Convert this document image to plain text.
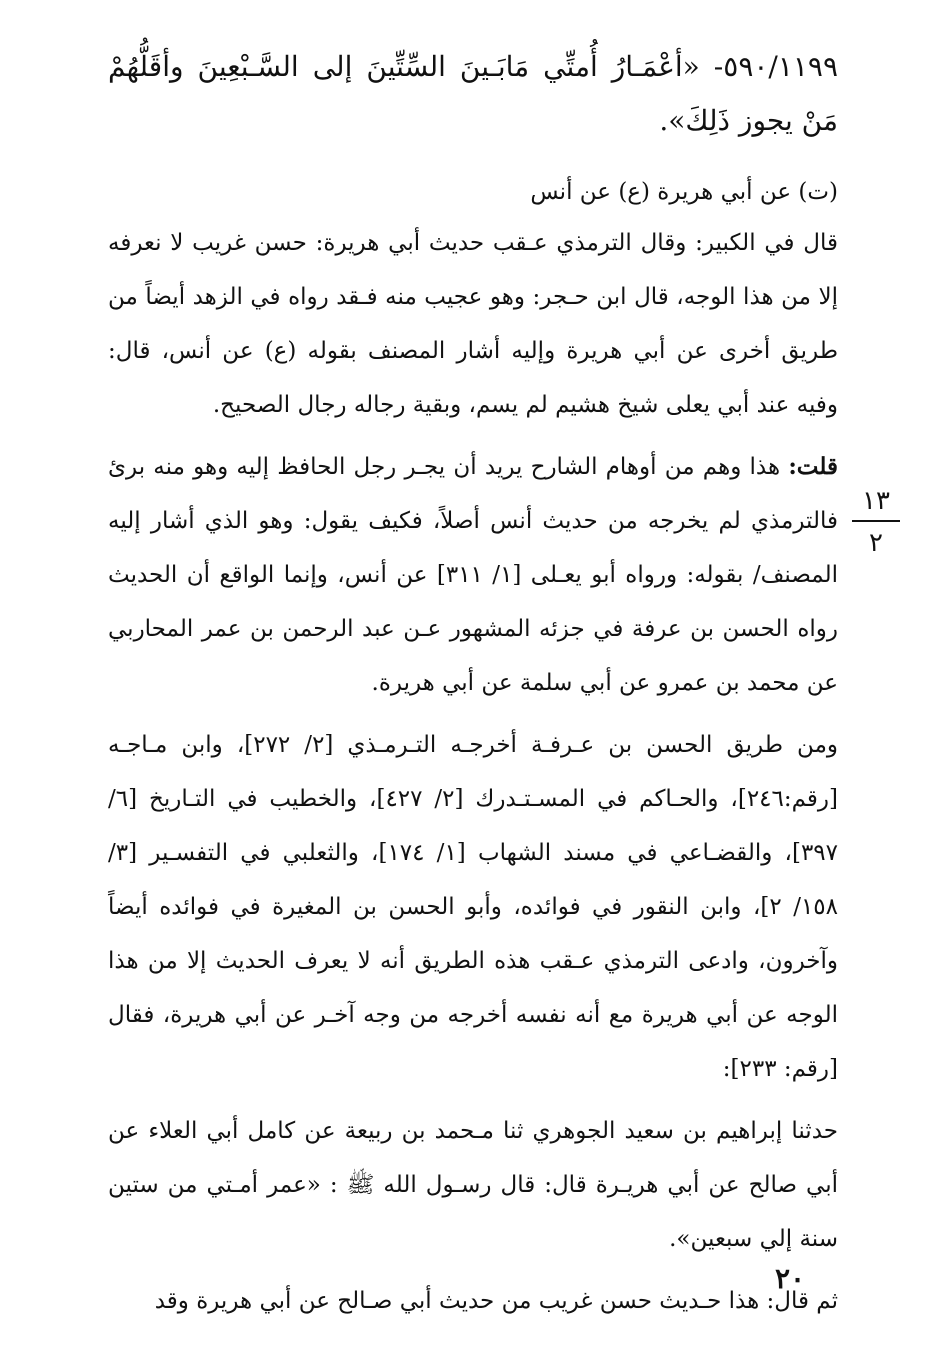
٥٩٠/١١٩٩- «أعْمَـارُ أُمتِّي مَابَـينَ السِّتِّينَ إلى السَّـبْعِينَ وأقَلُّهُمْ مَنْ يجوز ذَلِكَ».

(ت) عن أبي هريرة (ع) عن أنس

قال في الكبير: وقال الترمذي عـقب حديث أبي هريرة: حسن غريب لا نعرفه إلا من هذا الوجه، قال ابن حـجر: وهو عجيب منه فـقد رواه في الزهد أيضاً من طريق أخرى عن أبي هريرة وإليه أشار المصنف بقوله (ع) عن أنس، قال: وفيه عند أبي يعلى شيخ هشيم لم يسم، وبقية رجاله رجال الصحيح.

قلت: هذا وهم من أوهام الشارح يريد أن يجـر رجل الحافظ إليه وهو منه برئ فالترمذي لم يخرجه من حديث أنس أصلاً، فكيف يقول: وهو الذي أشار إليه المصنف/ بقوله: ورواه أبو يعـلى [١/ ٣١١] عن أنس، وإنما الواقع أن الحديث رواه الحسن بن عرفة في جزئه المشهور عـن عبد الرحمن بن عمر المحاربي عن محمد بن عمرو عن أبي سلمة عن أبي هريرة.

ومن طريق الحسن بن عـرفـة أخرجـه التـرمـذي [٢/ ٢٧٢]، وابن مـاجـه [رقم:٢٤٦]، والحـاكم في المسـتـدرك [٢/ ٤٢٧]، والخطيب في التـاريخ [٦/ ٣٩٧]، والقضـاعي في مسند الشهاب [١/ ١٧٤]، والثعلبي في التفسـير [٣/ ١٥٨/ ٢]، وابن النقور في فوائده، وأبو الحسن بن المغيرة في فوائده أيضاً وآخرون، وادعى الترمذي عـقب هذه الطريق أنه لا يعرف الحديث إلا من هذا الوجه عن أبي هريرة مع أنه نفسه أخرجه من وجه آخـر عن أبي هريرة، فقال [رقم: ٢٣٣]:

حدثنا إبراهيم بن سعيد الجوهري ثنا مـحمد بن ربيعة عن كامل أبي العلاء عن أبي صالح عن أبي هريـرة قال: قال رسـول الله ﷺ : «عمر أمـتي من ستين سنة إلي سبعين».

ثم قال: هذا حـديث حسن غريب من حديث أبي صـالح عن أبي هريرة وقد

١٣
٢
٢٠
